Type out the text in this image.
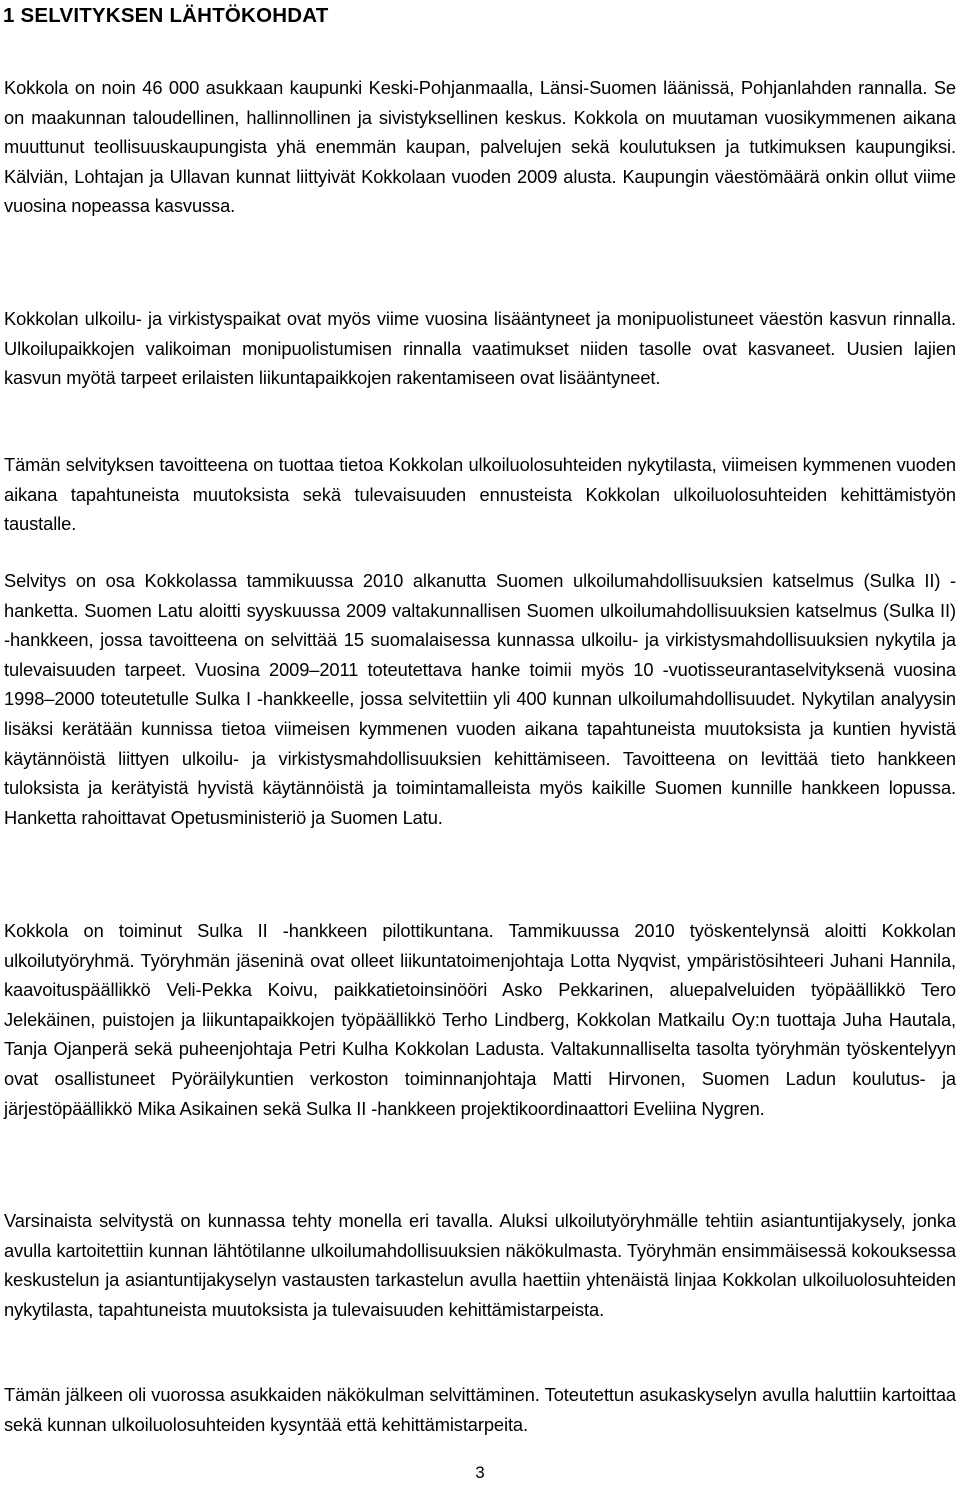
1 SELVITYKSEN LÄHTÖKOHDAT

Kokkola on noin 46 000 asukkaan kaupunki Keski-Pohjanmaalla, Länsi-Suomen läänissä, Pohjanlahden rannalla. Se on maakunnan taloudellinen, hallinnollinen ja sivistyksellinen keskus. Kokkola on muutaman vuosikymmenen aikana muuttunut teollisuuskaupungista yhä enemmän kaupan, palvelujen sekä koulutuksen ja tutkimuksen kaupungiksi. Kälviän, Lohtajan ja Ullavan kunnat liittyivät Kokkolaan vuoden 2009 alusta. Kaupungin väestömäärä onkin ollut viime vuosina nopeassa kasvussa.

Kokkolan ulkoilu- ja virkistyspaikat ovat myös viime vuosina lisääntyneet ja monipuolistuneet väestön kasvun rinnalla. Ulkoilupaikkojen valikoiman monipuolistumisen rinnalla vaatimukset niiden tasolle ovat kasvaneet. Uusien lajien kasvun myötä tarpeet erilaisten liikuntapaikkojen rakentamiseen ovat lisääntyneet.

Tämän selvityksen tavoitteena on tuottaa tietoa Kokkolan ulkoiluolosuhteiden nykytilasta, viimeisen kymmenen vuoden aikana tapahtuneista muutoksista sekä tulevaisuuden ennusteista Kokkolan ulkoiluolosuhteiden kehittämistyön taustalle.

Selvitys on osa Kokkolassa tammikuussa 2010 alkanutta Suomen ulkoilumahdollisuuksien katselmus (Sulka II) -hanketta. Suomen Latu aloitti syyskuussa 2009 valtakunnallisen Suomen ulkoilumahdollisuuksien katselmus (Sulka II) -hankkeen, jossa tavoitteena on selvittää 15 suomalaisessa kunnassa ulkoilu- ja virkistysmahdollisuuksien nykytila ja tulevaisuuden tarpeet. Vuosina 2009–2011 toteutettava hanke toimii myös 10 -vuotisseurantaselvityksenä vuosina 1998–2000 toteutetulle Sulka I -hankkeelle, jossa selvitettiin yli 400 kunnan ulkoilumahdollisuudet. Nykytilan analyysin lisäksi kerätään kunnissa tietoa viimeisen kymmenen vuoden aikana tapahtuneista muutoksista ja kuntien hyvistä käytännöistä liittyen ulkoilu- ja virkistysmahdollisuuksien kehittämiseen. Tavoitteena on levittää tieto hankkeen tuloksista ja kerätyistä hyvistä käytännöistä ja toimintamalleista myös kaikille Suomen kunnille hankkeen lopussa. Hanketta rahoittavat Opetusministeriö ja Suomen Latu.

Kokkola on toiminut Sulka II -hankkeen pilottikuntana. Tammikuussa 2010 työskentelynsä aloitti Kokkolan ulkoilutyöryhmä. Työryhmän jäseninä ovat olleet liikuntatoimenjohtaja Lotta Nyqvist, ympäristösihteeri Juhani Hannila, kaavoituspäällikkö Veli-Pekka Koivu, paikkatietoinsinööri Asko Pekkarinen, aluepalveluiden työpäällikkö Tero Jelekäinen, puistojen ja liikuntapaikkojen työpäällikkö Terho Lindberg, Kokkolan Matkailu Oy:n tuottaja Juha Hautala, Tanja Ojanperä sekä puheenjohtaja Petri Kulha Kokkolan Ladusta. Valtakunnalliselta tasolta työryhmän työskentelyyn ovat osallistuneet Pyöräilykuntien verkoston toiminnanjohtaja Matti Hirvonen, Suomen Ladun koulutus- ja järjestöpäällikkö Mika Asikainen sekä Sulka II -hankkeen projektikoordinaattori Eveliina Nygren.

Varsinaista selvitystä on kunnassa tehty monella eri tavalla. Aluksi ulkoilutyöryhmälle tehtiin asiantuntijakysely, jonka avulla kartoitettiin kunnan lähtötilanne ulkoilumahdollisuuksien näkökulmasta. Työryhmän ensimmäisessä kokouksessa keskustelun ja asiantuntijakyselyn vastausten tarkastelun avulla haettiin yhtenäistä linjaa Kokkolan ulkoiluolosuhteiden nykytilasta, tapahtuneista muutoksista ja tulevaisuuden kehittämistarpeista.

Tämän jälkeen oli vuorossa asukkaiden näkökulman selvittäminen. Toteutettun asukaskyselyn avulla haluttiin kartoittaa sekä kunnan ulkoiluolosuhteiden kysyntää että kehittämistarpeita.

3
